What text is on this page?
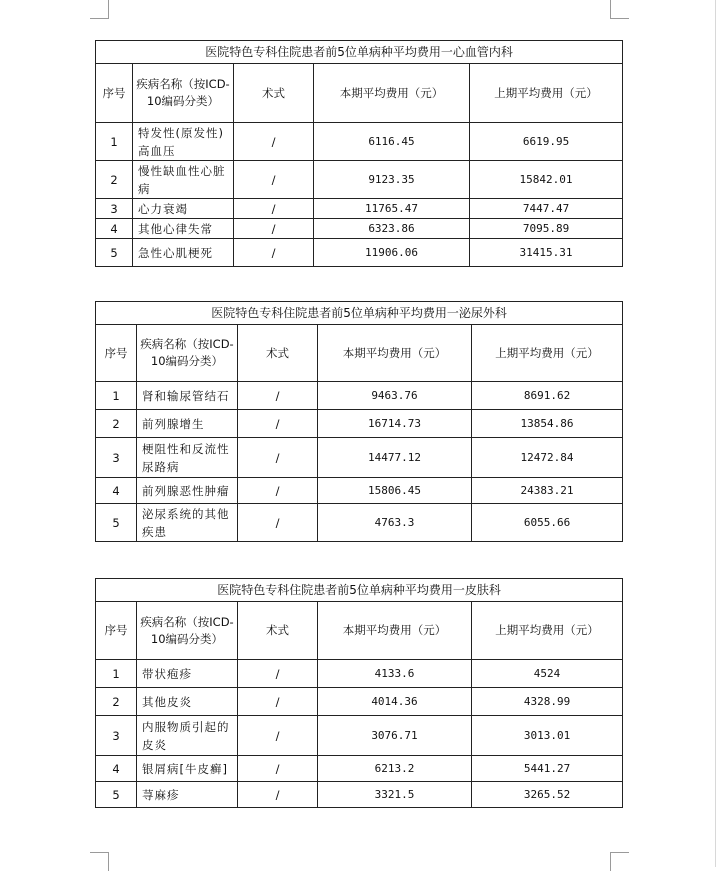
医院特色专科住院患者前5位单病种平均费用一心血管内科				
序号	疾病名称（按ICD-10编码分类）	术式	本期平均费用（元）	上期平均费用（元）
1	特发性(原发性)高血压	/	6116.45	6619.95
2	慢性缺血性心脏病	/	9123.35	15842.01
3	心力衰竭	/	11765.47	7447.47
4	其他心律失常	/	6323.86	7095.89
5	急性心肌梗死	/	11906.06	31415.31
医院特色专科住院患者前5位单病种平均费用一泌尿外科				
序号	疾病名称（按ICD-10编码分类）	术式	本期平均费用（元）	上期平均费用（元）
1	肾和输尿管结石	/	9463.76	8691.62
2	前列腺增生	/	16714.73	13854.86
3	梗阻性和反流性尿路病	/	14477.12	12472.84
4	前列腺恶性肿瘤	/	15806.45	24383.21
5	泌尿系统的其他疾患	/	4763.3	6055.66
医院特色专科住院患者前5位单病种平均费用一皮肤科				
序号	疾病名称（按ICD-10编码分类）	术式	本期平均费用（元）	上期平均费用（元）
1	带状疱疹	/	4133.6	4524
2	其他皮炎	/	4014.36	4328.99
3	内服物质引起的皮炎	/	3076.71	3013.01
4	银屑病[牛皮癣]	/	6213.2	5441.27
5	荨麻疹	/	3321.5	3265.52
